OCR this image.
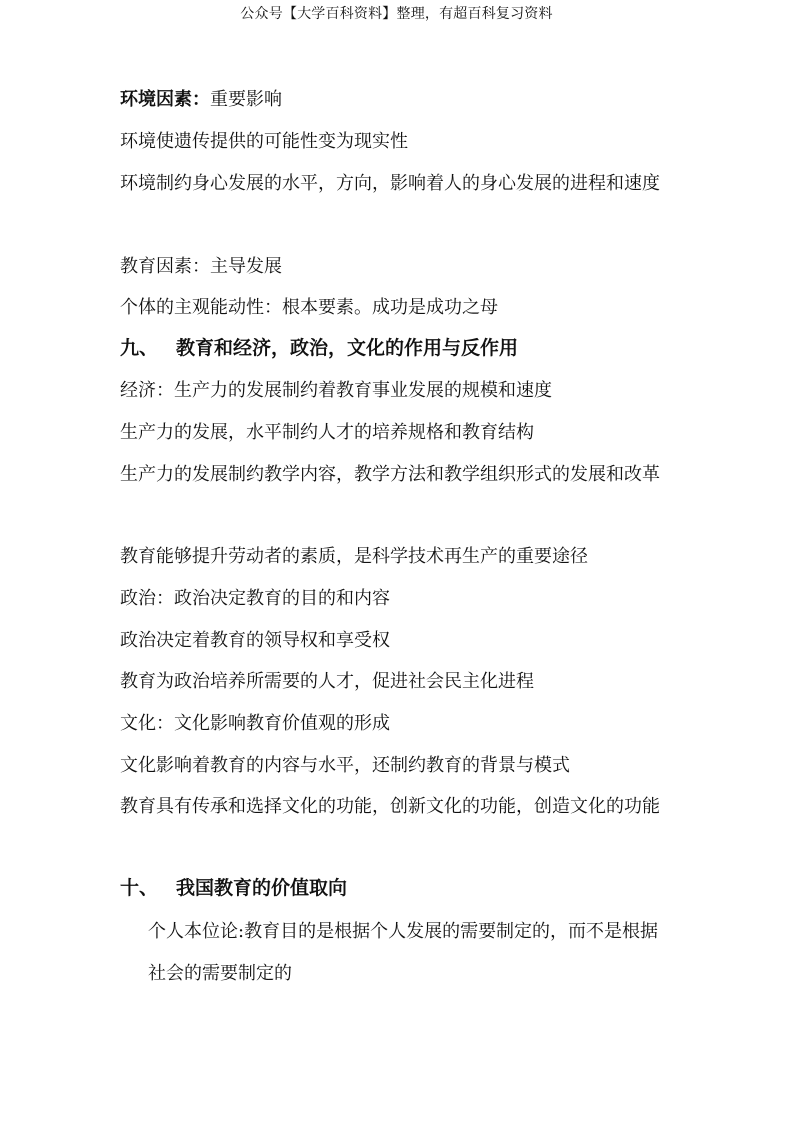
公众号【大学百科资料】整理，有超百科复习资料
环境因素：重要影响
环境使遗传提供的可能性变为现实性
环境制约身心发展的水平，方向，影响着人的身心发展的进程和速度
教育因素：主导发展
个体的主观能动性：根本要素。成功是成功之母
九、 教育和经济，政治，文化的作用与反作用
经济：生产力的发展制约着教育事业发展的规模和速度
生产力的发展，水平制约人才的培养规格和教育结构
生产力的发展制约教学内容，教学方法和教学组织形式的发展和改革
教育能够提升劳动者的素质，是科学技术再生产的重要途径
政治：政治决定教育的目的和内容
政治决定着教育的领导权和享受权
教育为政治培养所需要的人才，促进社会民主化进程
文化：文化影响教育价值观的形成
文化影响着教育的内容与水平，还制约教育的背景与模式
教育具有传承和选择文化的功能，创新文化的功能，创造文化的功能
十、 我国教育的价值取向
个人本位论:教育目的是根据个人发展的需要制定的，而不是根据社会的需要制定的
